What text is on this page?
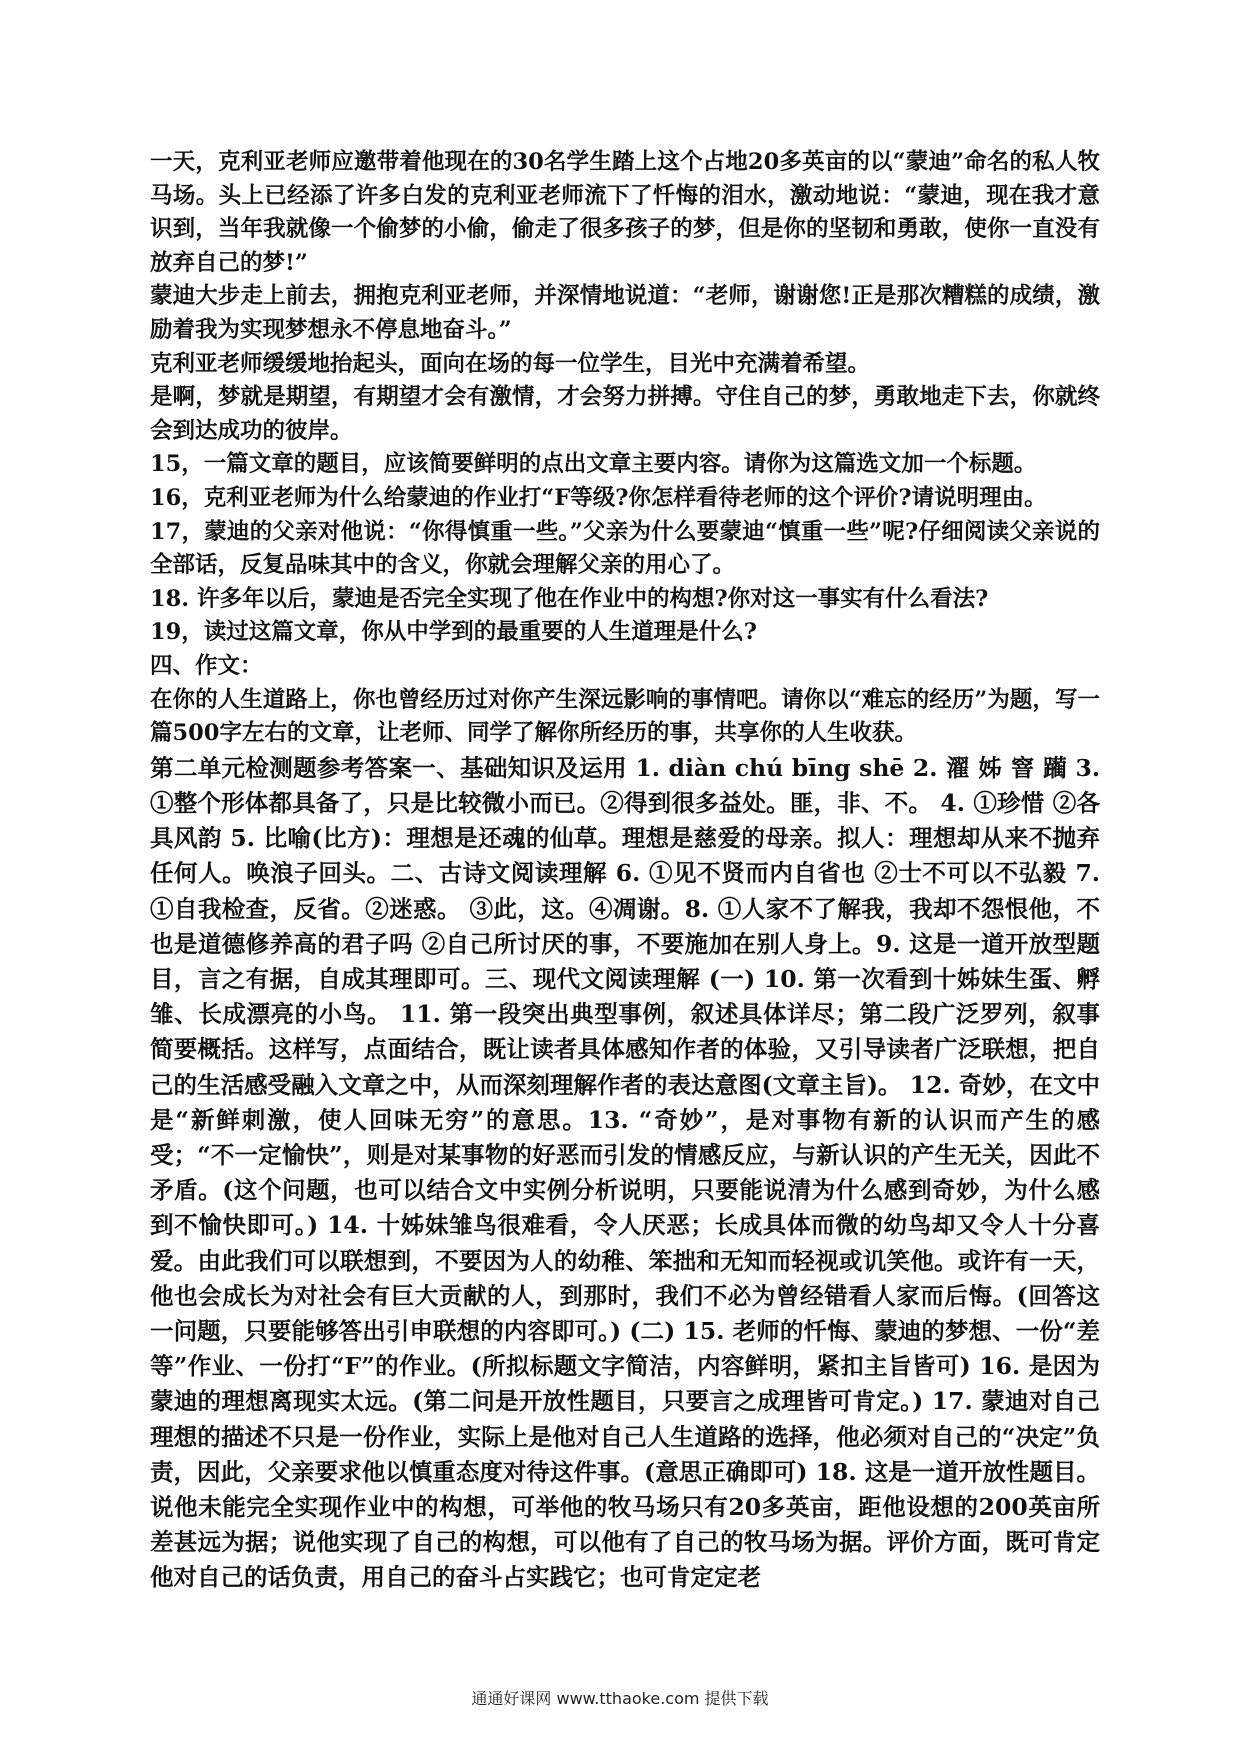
一天，克利亚老师应邀带着他现在的30名学生踏上这个占地20多英亩的以“蒙迪”命名的私人牧马场。头上已经添了许多白发的克利亚老师流下了忏悔的泪水，激动地说：“蒙迪，现在我才意识到，当年我就像一个偷梦的小偷，偷走了很多孩子的梦，但是你的坚韧和勇敢，使你一直没有放弃自己的梦!”

蒙迪大步走上前去，拥抱克利亚老师，并深情地说道：“老师，谢谢您!正是那次糟糕的成绩，激励着我为实现梦想永不停息地奋斗。”

克利亚老师缓缓地抬起头，面向在场的每一位学生，目光中充满着希望。

是啊，梦就是期望，有期望才会有激情，才会努力拼搏。守住自己的梦，勇敢地走下去，你就终会到达成功的彼岸。

15，一篇文章的题目，应该简要鲜明的点出文章主要内容。请你为这篇选文加一个标题。

16，克利亚老师为什么给蒙迪的作业打“F等级?你怎样看待老师的这个评价?请说明理由。

17，蒙迪的父亲对他说：“你得慎重一些。”父亲为什么要蒙迪“慎重一些”呢?仔细阅读父亲说的全部话，反复品味其中的含义，你就会理解父亲的用心了。

18. 许多年以后，蒙迪是否完全实现了他在作业中的构想?你对这一事实有什么看法?

19，读过这篇文章，你从中学到的最重要的人生道理是什么?

四、作文：

在你的人生道路上，你也曾经历过对你产生深远影响的事情吧。请你以“难忘的经历”为题，写一篇500字左右的文章，让老师、同学了解你所经历的事，共享你的人生收获。

第二单元检测题参考答案一、基础知识及运用 1. diàn chú bīng shē 2. 濯 姊 窨 躏 3. ①整个形体都具备了，只是比较微小而已。②得到很多益处。匪，非、不。 4. ①珍惜 ②各具风韵 5. 比喻(比方)：理想是还魂的仙草。理想是慈爱的母亲。拟人：理想却从来不抛弃任何人。唤浪子回头。二、古诗文阅读理解 6. ①见不贤而内自省也 ②士不可以不弘毅 7. ①自我检查，反省。②迷惑。 ③此，这。④凋谢。8. ①人家不了解我，我却不怨恨他，不也是道德修养高的君子吗 ②自己所讨厌的事，不要施加在别人身上。9. 这是一道开放型题目，言之有据，自成其理即可。三、现代文阅读理解 (一) 10. 第一次看到十姊妹生蛋、孵雏、长成漂亮的小鸟。 11. 第一段突出典型事例，叙述具体详尽；第二段广泛罗列，叙事简要概括。这样写，点面结合，既让读者具体感知作者的体验，又引导读者广泛联想，把自己的生活感受融入文章之中，从而深刻理解作者的表达意图(文章主旨)。 12. 奇妙，在文中是“新鲜刺激，使人回味无穷”的意思。13. “奇妙”，是对事物有新的认识而产生的感受；“不一定愉快”，则是对某事物的好恶而引发的情感反应，与新认识的产生无关，因此不矛盾。(这个问题，也可以结合文中实例分析说明，只要能说清为什么感到奇妙，为什么感到不愉快即可。) 14. 十姊妹雏鸟很难看，令人厌恶；长成具体而微的幼鸟却又令人十分喜爱。由此我们可以联想到，不要因为人的幼稚、笨拙和无知而轻视或讥笑他。或许有一天，他也会成长为对社会有巨大贡献的人，到那时，我们不必为曾经错看人家而后悔。(回答这一问题，只要能够答出引申联想的内容即可。) (二) 15. 老师的忏悔、蒙迪的梦想、一份“差等”作业、一份打“F”的作业。(所拟标题文字简洁，内容鲜明，紧扣主旨皆可) 16. 是因为蒙迪的理想离现实太远。(第二问是开放性题目，只要言之成理皆可肯定。) 17. 蒙迪对自己理想的描述不只是一份作业，实际上是他对自己人生道路的选择，他必须对自己的“决定”负责，因此，父亲要求他以慎重态度对待这件事。(意思正确即可) 18. 这是一道开放性题目。说他未能完全实现作业中的构想，可举他的牧马场只有20多英亩，距他设想的200英亩所差甚远为据；说他实现了自己的构想，可以他有了自己的牧马场为据。评价方面，既可肯定他对自己的话负责，用自己的奋斗占实践它；也可肯定定老

通通好课网 www.tthaoke.com 提供下载
